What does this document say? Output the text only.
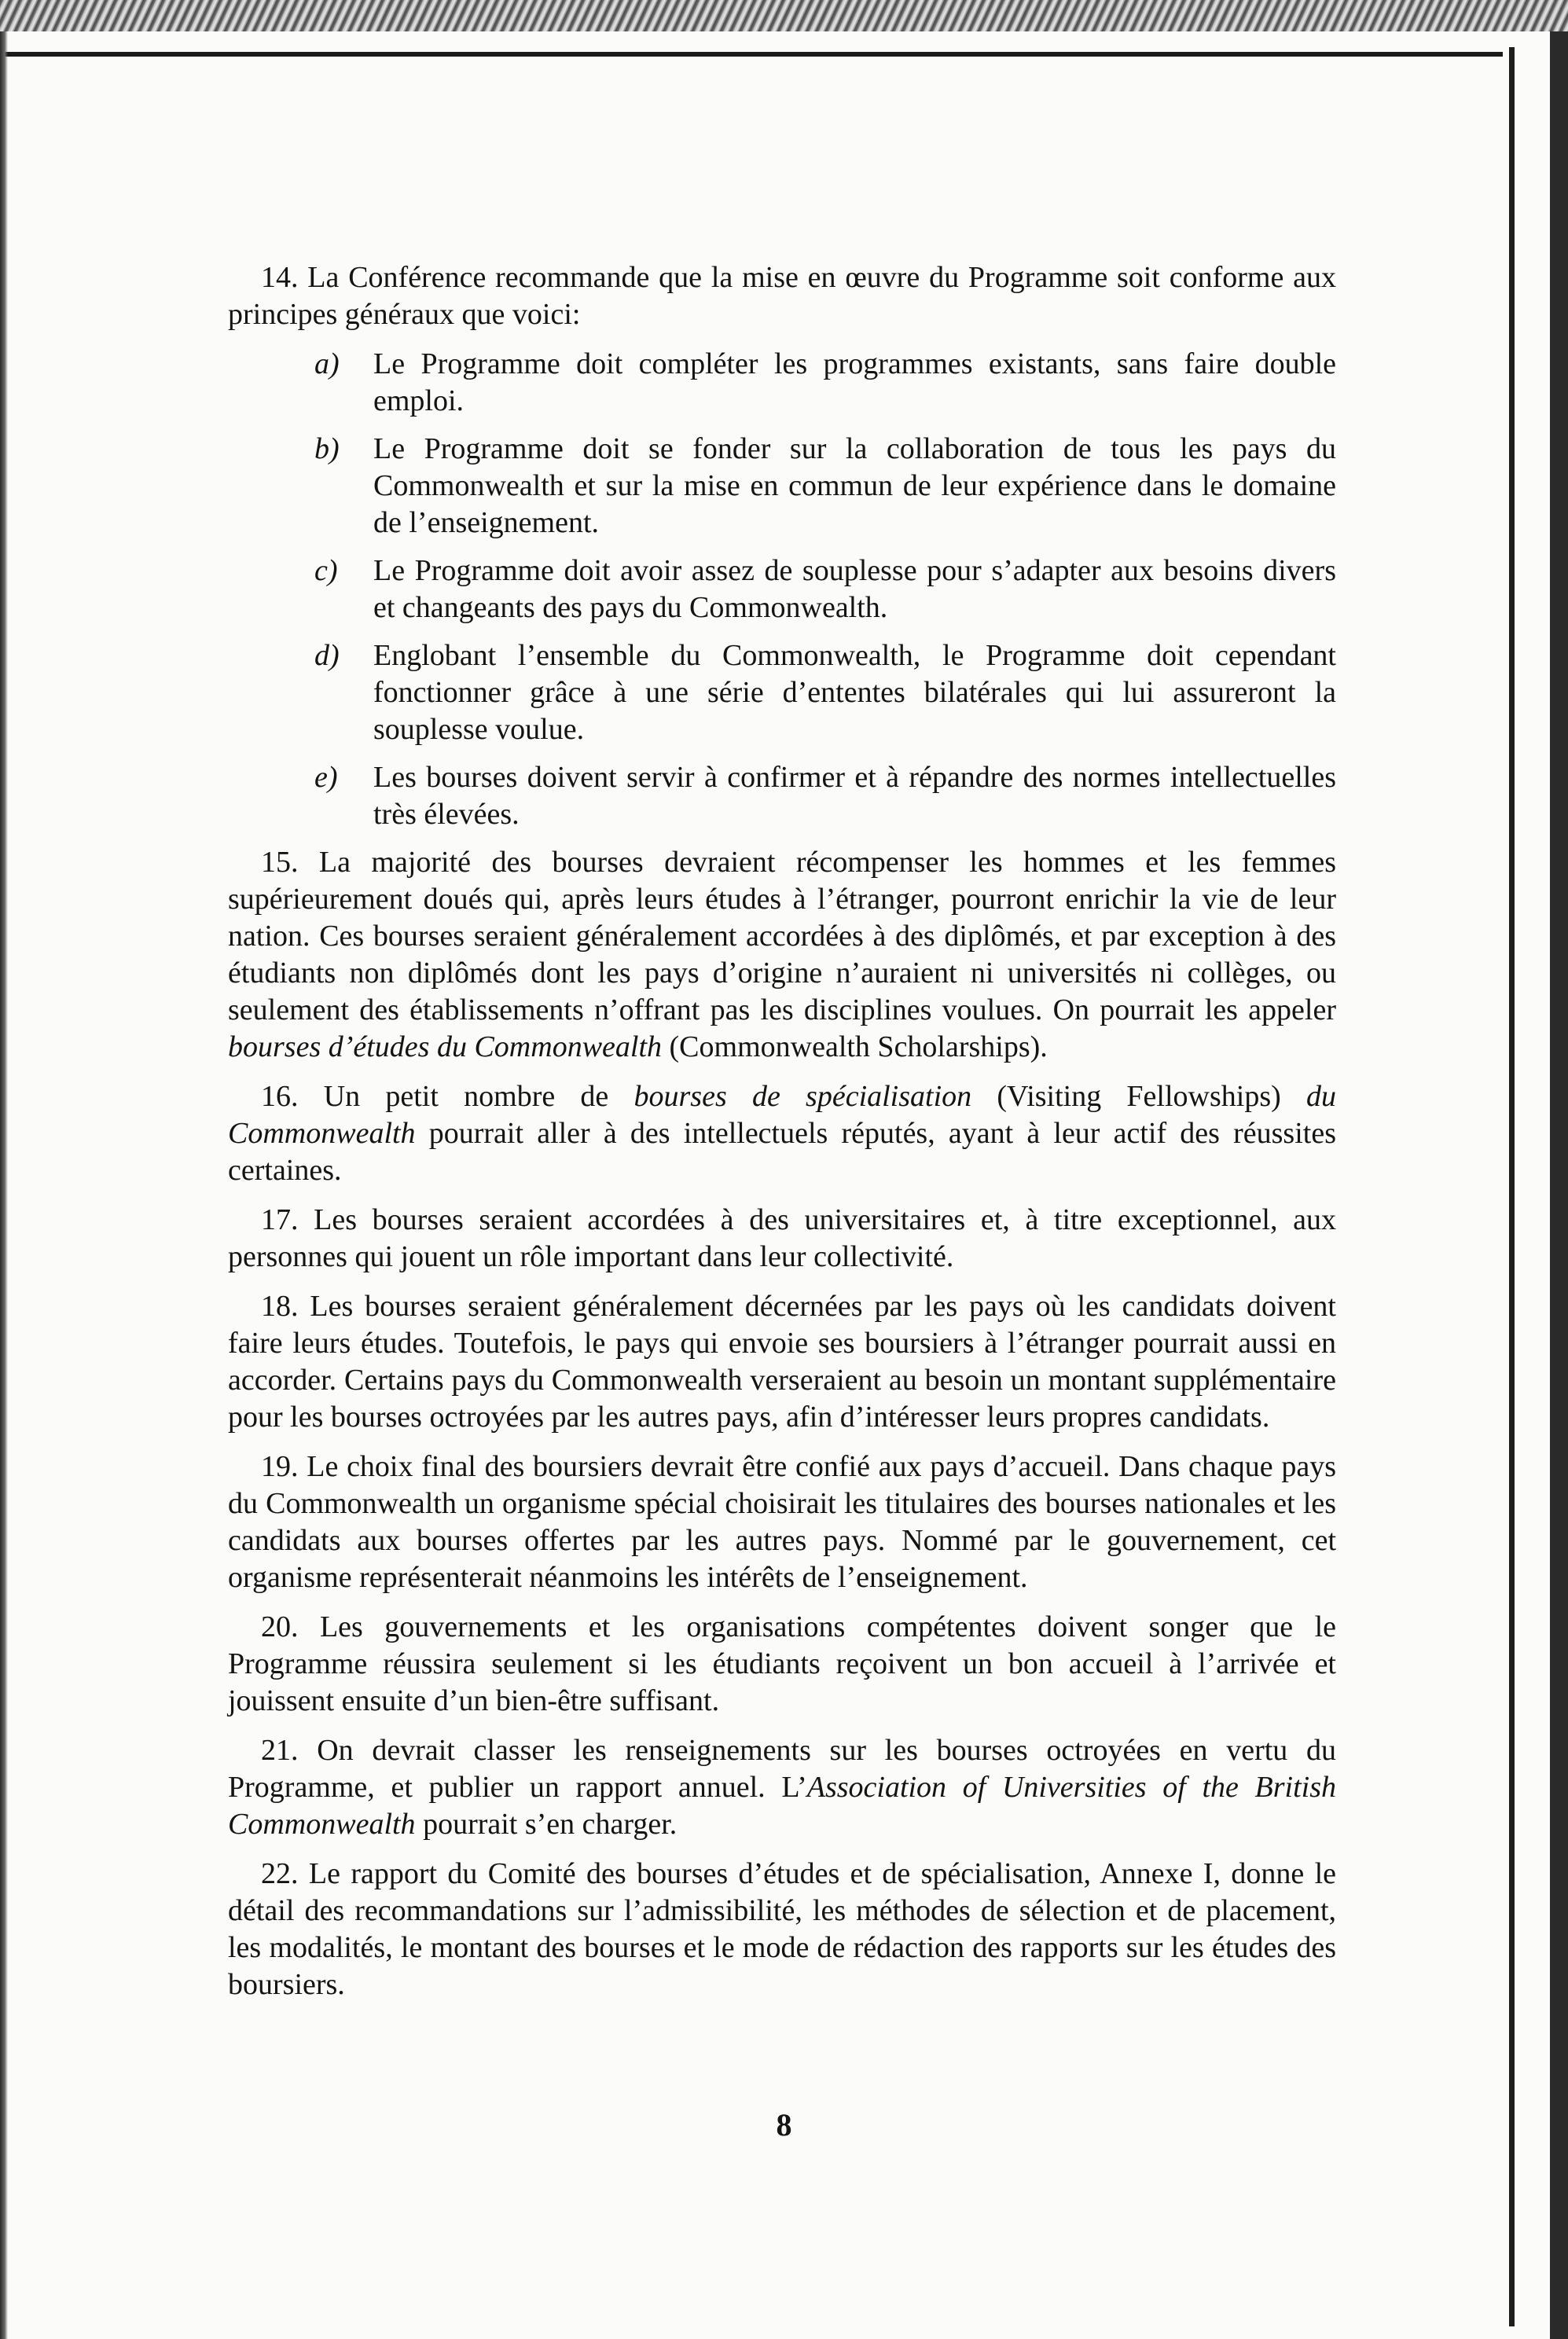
14. La Conférence recommande que la mise en œuvre du Programme soit conforme aux principes généraux que voici:

a) Le Programme doit compléter les programmes existants, sans faire double emploi.
b) Le Programme doit se fonder sur la collaboration de tous les pays du Commonwealth et sur la mise en commun de leur expérience dans le domaine de l’enseignement.
c) Le Programme doit avoir assez de souplesse pour s’adapter aux besoins divers et changeants des pays du Commonwealth.
d) Englobant l’ensemble du Commonwealth, le Programme doit cependant fonctionner grâce à une série d’ententes bilatérales qui lui assureront la souplesse voulue.
e) Les bourses doivent servir à confirmer et à répandre des normes intellectuelles très élevées.

15. La majorité des bourses devraient récompenser les hommes et les femmes supérieurement doués qui, après leurs études à l’étranger, pourront enrichir la vie de leur nation. Ces bourses seraient généralement accordées à des diplômés, et par exception à des étudiants non diplômés dont les pays d’origine n’auraient ni universités ni collèges, ou seulement des établissements n’offrant pas les disciplines voulues. On pourrait les appeler bourses d’études du Commonwealth (Commonwealth Scholarships).

16. Un petit nombre de bourses de spécialisation (Visiting Fellowships) du Commonwealth pourrait aller à des intellectuels réputés, ayant à leur actif des réussites certaines.

17. Les bourses seraient accordées à des universitaires et, à titre exceptionnel, aux personnes qui jouent un rôle important dans leur collectivité.

18. Les bourses seraient généralement décernées par les pays où les candidats doivent faire leurs études. Toutefois, le pays qui envoie ses boursiers à l’étranger pourrait aussi en accorder. Certains pays du Commonwealth verseraient au besoin un montant supplémentaire pour les bourses octroyées par les autres pays, afin d’intéresser leurs propres candidats.

19. Le choix final des boursiers devrait être confié aux pays d’accueil. Dans chaque pays du Commonwealth un organisme spécial choisirait les titulaires des bourses nationales et les candidats aux bourses offertes par les autres pays. Nommé par le gouvernement, cet organisme représenterait néanmoins les intérêts de l’enseignement.

20. Les gouvernements et les organisations compétentes doivent songer que le Programme réussira seulement si les étudiants reçoivent un bon accueil à l’arrivée et jouissent ensuite d’un bien-être suffisant.

21. On devrait classer les renseignements sur les bourses octroyées en vertu du Programme, et publier un rapport annuel. L’Association of Universities of the British Commonwealth pourrait s’en charger.

22. Le rapport du Comité des bourses d’études et de spécialisation, Annexe I, donne le détail des recommandations sur l’admissibilité, les méthodes de sélection et de placement, les modalités, le montant des bourses et le mode de rédaction des rapports sur les études des boursiers.

8
